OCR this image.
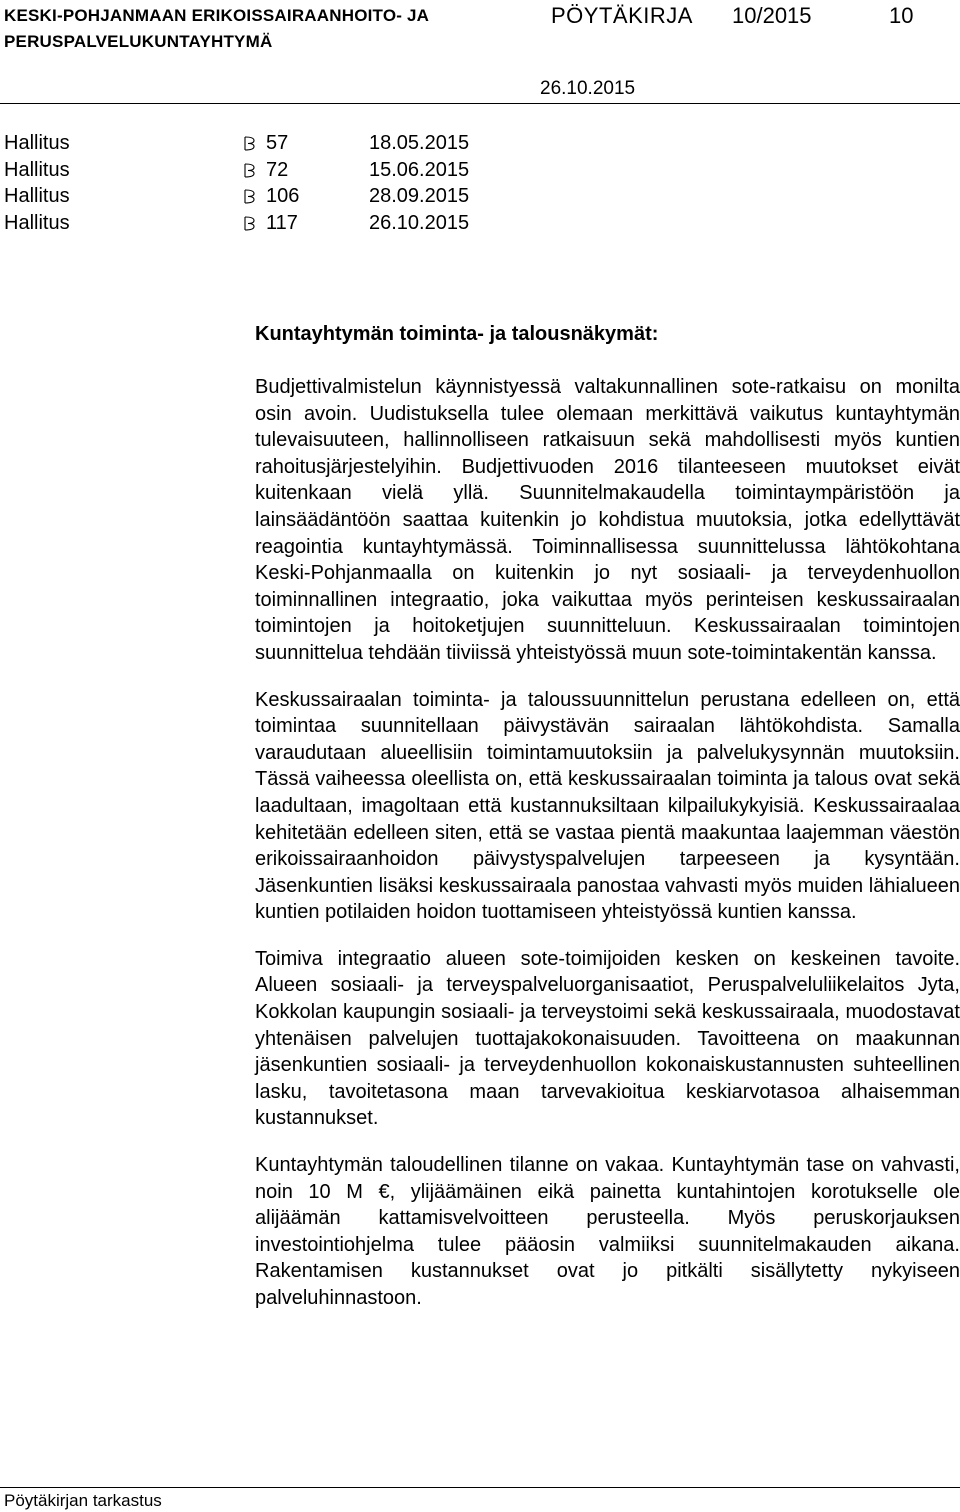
KESKI-POHJANMAAN ERIKOISSAIRAANHOITO- JA
PERUSPALVELUKUNTAYHTYMÄ
PÖYTÄKIRJA 10/2015	10
26.10.2015
Hallitus	57	18.05.2015
Hallitus	72	15.06.2015
Hallitus	106	28.09.2015
Hallitus	117	26.10.2015
Kuntayhtymän toiminta- ja talousnäkymät:
Budjettivalmistelun käynnistyessä valtakunnallinen sote-ratkaisu on monilta osin avoin. Uudistuksella tulee olemaan merkittävä vaikutus kuntayhtymän tulevaisuuteen, hallinnolliseen ratkaisuun sekä mahdollisesti myös kuntien rahoitusjärjestelyihin. Budjettivuoden 2016 tilanteeseen muutokset eivät kuitenkaan vielä yllä. Suunnitelmakaudella toimintaympäristöön ja lainsäädäntöön saattaa kuitenkin jo kohdistua muutoksia, jotka edellyttävät reagointia kuntayhtymässä. Toiminnallisessa suunnittelussa lähtökohtana Keski-Pohjanmaalla on kuitenkin jo nyt sosiaali- ja terveydenhuollon toiminnallinen integraatio, joka vaikuttaa myös perinteisen keskussairaalan toimintojen ja hoitoketjujen suunnitteluun. Keskussairaalan toimintojen suunnittelua tehdään tiiviissä yhteistyössä muun sote-toimintakentän kanssa.
Keskussairaalan toiminta- ja taloussuunnittelun perustana edelleen on, että toimintaa suunnitellaan päivystävän sairaalan lähtökohdista. Samalla varaudutaan alueellisiin toimintamuutoksiin ja palvelukysynnän muutoksiin. Tässä vaiheessa oleellista on, että keskussairaalan toiminta ja talous ovat sekä laadultaan, imagoltaan että kustannuksiltaan kilpailukykyisiä. Keskussairaalaa kehitetään edelleen siten, että se vastaa pientä maakuntaa laajemman väestön erikoissairaanhoidon päivystyspalvelujen tarpeeseen ja kysyntään. Jäsenkuntien lisäksi keskussairaala panostaa vahvasti myös muiden lähialueen kuntien potilaiden hoidon tuottamiseen yhteistyössä kuntien kanssa.
Toimiva integraatio alueen sote-toimijoiden kesken on keskeinen tavoite. Alueen sosiaali- ja terveyspalveluorganisaatiot, Peruspalveluliikelaitos Jyta, Kokkolan kaupungin sosiaali- ja terveystoimi sekä keskussairaala, muodostavat yhtenäisen palvelujen tuottajakokonaisuuden. Tavoitteena on maakunnan jäsenkuntien sosiaali- ja terveydenhuollon kokonaiskustannusten suhteellinen lasku, tavoitetasona maan tarvevakioitua keskiarvotasoa alhaisemman kustannukset.
Kuntayhtymän taloudellinen tilanne on vakaa. Kuntayhtymän tase on vahvasti, noin 10 M €, ylijäämäinen eikä painetta kuntahintojen korotukselle ole alijäämän kattamisvelvoitteen perusteella. Myös peruskorjauksen investointiohjelma tulee pääosin valmiiksi suunnitelmakauden aikana. Rakentamisen kustannukset ovat jo pitkälti sisällytetty nykyiseen palveluhinnastoon.
Pöytäkirjan tarkastus
